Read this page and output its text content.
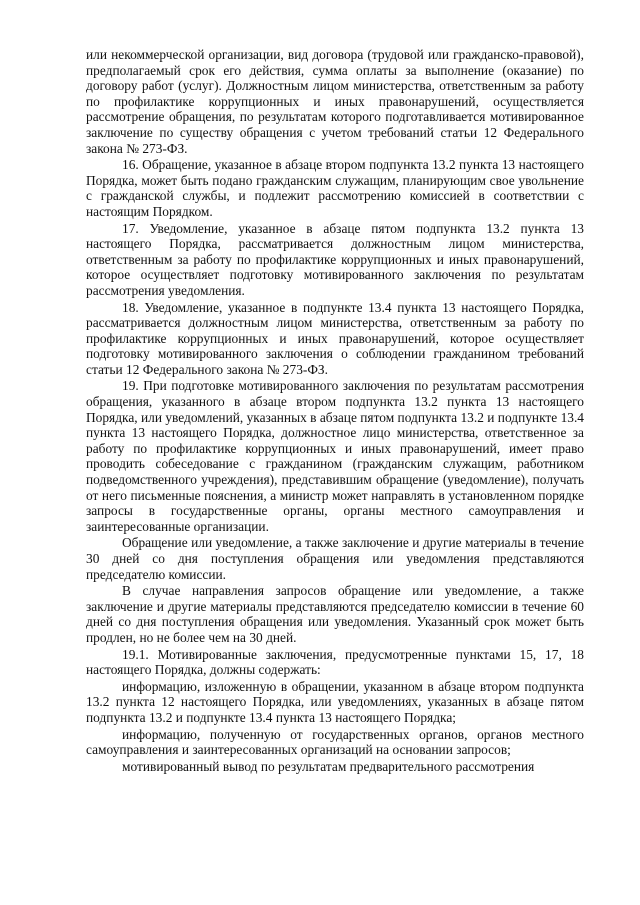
или некоммерческой организации, вид договора (трудовой или гражданско-правовой), предполагаемый срок его действия, сумма оплаты за выполнение (оказание) по договору работ (услуг). Должностным лицом министерства, ответственным за работу по профилактике коррупционных и иных правонарушений, осуществляется рассмотрение обращения, по результатам которого подготавливается мотивированное заключение по существу обращения с учетом требований статьи 12 Федерального закона № 273-ФЗ.

16. Обращение, указанное в абзаце втором подпункта 13.2 пункта 13 настоящего Порядка, может быть подано гражданским служащим, планирующим свое увольнение с гражданской службы, и подлежит рассмотрению комиссией в соответствии с настоящим Порядком.

17. Уведомление, указанное в абзаце пятом подпункта 13.2 пункта 13 настоящего Порядка, рассматривается должностным лицом министерства, ответственным за работу по профилактике коррупционных и иных правонарушений, которое осуществляет подготовку мотивированного заключения по результатам рассмотрения уведомления.

18. Уведомление, указанное в подпункте 13.4 пункта 13 настоящего Порядка, рассматривается должностным лицом министерства, ответственным за работу по профилактике коррупционных и иных правонарушений, которое осуществляет подготовку мотивированного заключения о соблюдении гражданином требований статьи 12 Федерального закона № 273-ФЗ.

19. При подготовке мотивированного заключения по результатам рассмотрения обращения, указанного в абзаце втором подпункта 13.2 пункта 13 настоящего Порядка, или уведомлений, указанных в абзаце пятом подпункта 13.2 и подпункте 13.4 пункта 13 настоящего Порядка, должностное лицо министерства, ответственное за работу по профилактике коррупционных и иных правонарушений, имеет право проводить собеседование с гражданином (гражданским служащим, работником подведомственного учреждения), представившим обращение (уведомление), получать от него письменные пояснения, а министр может направлять в установленном порядке запросы в государственные органы, органы местного самоуправления и заинтересованные организации.

Обращение или уведомление, а также заключение и другие материалы в течение 30 дней со дня поступления обращения или уведомления представляются председателю комиссии.

В случае направления запросов обращение или уведомление, а также заключение и другие материалы представляются председателю комиссии в течение 60 дней со дня поступления обращения или уведомления. Указанный срок может быть продлен, но не более чем на 30 дней.

19.1. Мотивированные заключения, предусмотренные пунктами 15, 17, 18 настоящего Порядка, должны содержать:

информацию, изложенную в обращении, указанном в абзаце втором подпункта 13.2 пункта 12 настоящего Порядка, или уведомлениях, указанных в абзаце пятом подпункта 13.2 и подпункте 13.4 пункта 13 настоящего Порядка;

информацию, полученную от государственных органов, органов местного самоуправления и заинтересованных организаций на основании запросов;

мотивированный вывод по результатам предварительного рассмотрения
